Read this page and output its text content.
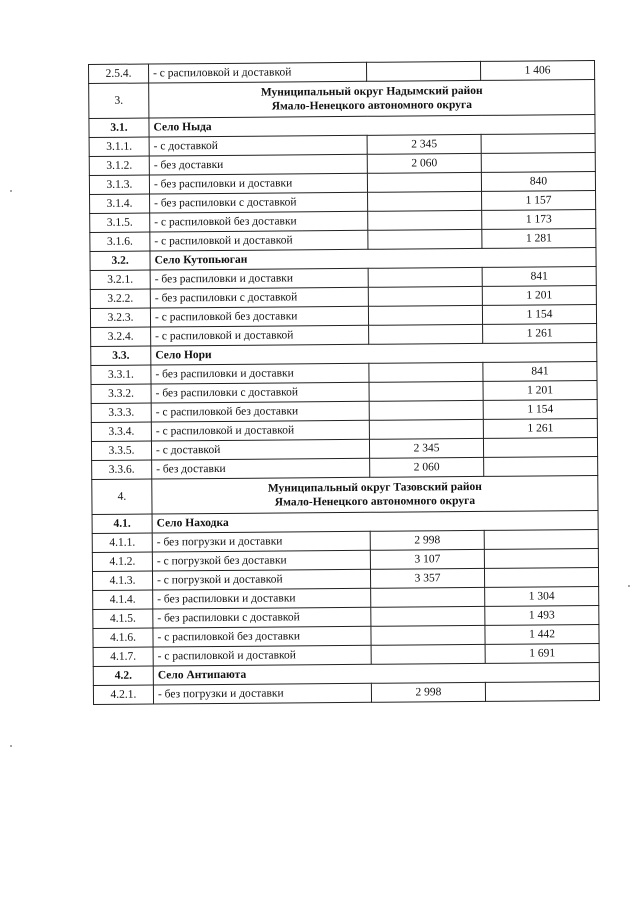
2.5.4.	- с распиловкой и доставкой		1 406
3.	Муниципальный округ Надымский район
Ямало-Ненецкого автономного округа		

3.1.	Село Ныда		
3.1.1.	- с доставкой	2 345	
3.1.2.	- без доставки	2 060	
3.1.3.	- без распиловки и доставки		840
3.1.4.	- без распиловки с доставкой		1 157
3.1.5.	- с распиловкой без доставки		1 173
3.1.6.	- с распиловкой и доставкой		1 281
3.2.	Село Кутопьюган		
3.2.1.	- без распиловки и доставки		841
3.2.2.	- без распиловки с доставкой		1 201
3.2.3.	- с распиловкой без доставки		1 154
3.2.4.	- с распиловкой и доставкой		1 261
3.3.	Село Нори		
3.3.1.	- без распиловки и доставки		841
3.3.2.	- без распиловки с доставкой		1 201
3.3.3.	- с распиловкой без доставки		1 154
3.3.4.	- с распиловкой и доставкой		1 261
3.3.5.	- с доставкой	2 345	
3.3.6.	- без доставки	2 060	
4.	Муниципальный округ Тазовский район
Ямало-Ненецкого автономного округа		

4.1.	Село Находка		
4.1.1.	- без погрузки и доставки	2 998	
4.1.2.	- с погрузкой без доставки	3 107	
4.1.3.	- с погрузкой и доставкой	3 357	
4.1.4.	- без распиловки и доставки		1 304
4.1.5.	- без распиловки с доставкой		1 493
4.1.6.	- с распиловкой без доставки		1 442
4.1.7.	- с распиловкой и доставкой		1 691
4.2.	Село Антипаюта		
4.2.1.	- без погрузки и доставки	2 998	
